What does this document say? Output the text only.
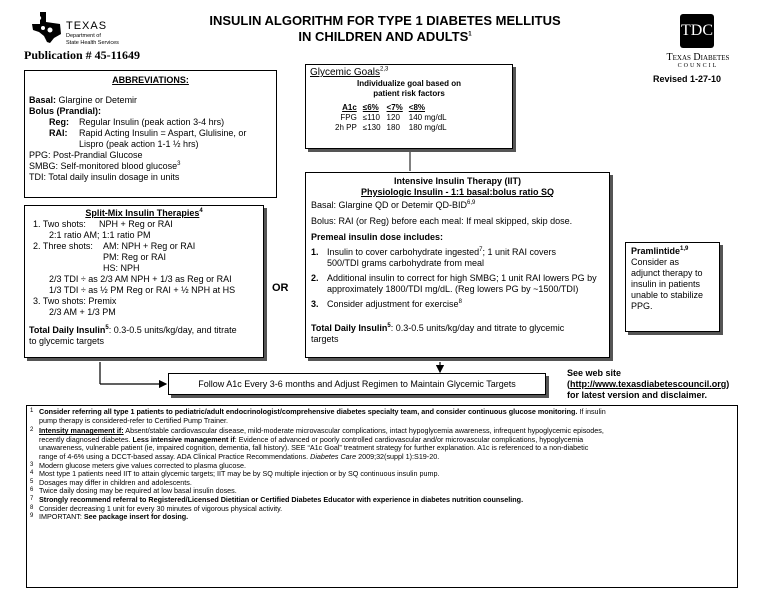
TEXAS
Department of
State Health Services
Publication # 45-11649
INSULIN ALGORITHM FOR TYPE 1 DIABETES MELLITUS
IN CHILDREN AND ADULTS$^1$	TDC
Texas Diabetes
COUNCIL
Revised 1-27-10
ABBREVIATIONS:
Basal: Glargine or Detemir
Bolus (Prandial):
Reg: Regular Insulin (peak action 3-4 hrs)
RAI: Rapid Acting Insulin = Aspart, Glulisine, or
Lispro (peak action 1-1 ½ hrs)
PPG: Post-Prandial Glucose
SMBG: Self-monitored blood glucose$^3$
TDI: Total daily insulin dosage in units
Glycemic Goals$^{2,3}$
Individualize goal based on
patient risk factors
A1c	≤6%	<7%	<8%
FPG	≤110	120	140 mg/dL
2h PP	≤130	180	180 mg/dL
Split-Mix Insulin Therapies$^4$
1. Two shots: NPH + Reg or RAI
2:1 ratio AM; 1:1 ratio PM
2. Three shots: AM: NPH + Reg or RAI
PM: Reg or RAI
HS: NPH
2/3 TDI ÷ as 2/3 AM NPH + 1/3 as Reg or RAI
1/3 TDI ÷ as ½ PM Reg or RAI + ½ NPH at HS
3. Two shots: Premix
2/3 AM + 1/3 PM
Total Daily Insulin$^5$: 0.3-0.5 units/kg/day, and titrate
to glycemic targets
OR
Intensive Insulin Therapy (IIT)
Physiologic Insulin - 1:1 basal:bolus ratio SQ
Basal: Glargine QD or Detemir QD-BID$^{6,9}$
Bolus: RAI (or Reg) before each meal: If meal skipped, skip dose.
Premeal insulin dose includes:
1. Insulin to cover carbohydrate ingested$^7$; 1 unit RAI covers
500/TDI grams carbohydrate from meal
2. Additional insulin to correct for high SMBG; 1 unit RAI lowers PG by
approximately 1800/TDI mg/dL. (Reg lowers PG by ~1500/TDI)
3. Consider adjustment for exercise$^8$
Total Daily Insulin$^5$: 0.3-0.5 units/kg/day and titrate to glycemic
targets
Pramlintide$^{1,9}$
Consider as
adjunct therapy to
insulin in patients
unable to stabilize
PPG.
Follow A1c Every 3-6 months and Adjust Regimen to Maintain Glycemic Targets
See web site
(http://www.texasdiabetescouncil.org)
for latest version and disclaimer.
1 Consider referring all type 1 patients to pediatric/adult endocrinologist/comprehensive diabetes specialty team, and consider continuous glucose monitoring. If insulin
pump therapy is considered-refer to Certified Pump Trainer.
2 Intensity management if: Absent/stable cardiovascular disease, mild-moderate microvascular complications, intact hypoglycemia awareness, infrequent hypoglycemic episodes,
recently diagnosed diabetes. Less intensive management if: Evidence of advanced or poorly controlled cardiovascular and/or microvascular complications, hypoglycemia
unawareness, vulnerable patient (ie, impaired cognition, dementia, fall history). SEE “A1c Goal” treatment strategy for further explanation. A1c is referenced to a non-diabetic
range of 4-6% using a DCCT-based assay. ADA Clinical Practice Recommendations. Diabetes Care 2009;32(suppl 1):S19-20.
3 Modern glucose meters give values corrected to plasma glucose.
4 Most type 1 patients need IIT to attain glycemic targets; IIT may be by SQ multiple injection or by SQ continuous insulin pump.
5 Dosages may differ in children and adolescents.
6 Twice daily dosing may be required at low basal insulin doses.
7 Strongly recommend referral to Registered/Licensed Dietitian or Certified Diabetes Educator with experience in diabetes nutrition counseling.
8 Consider decreasing 1 unit for every 30 minutes of vigorous physical activity.
9 IMPORTANT: See package insert for dosing.
